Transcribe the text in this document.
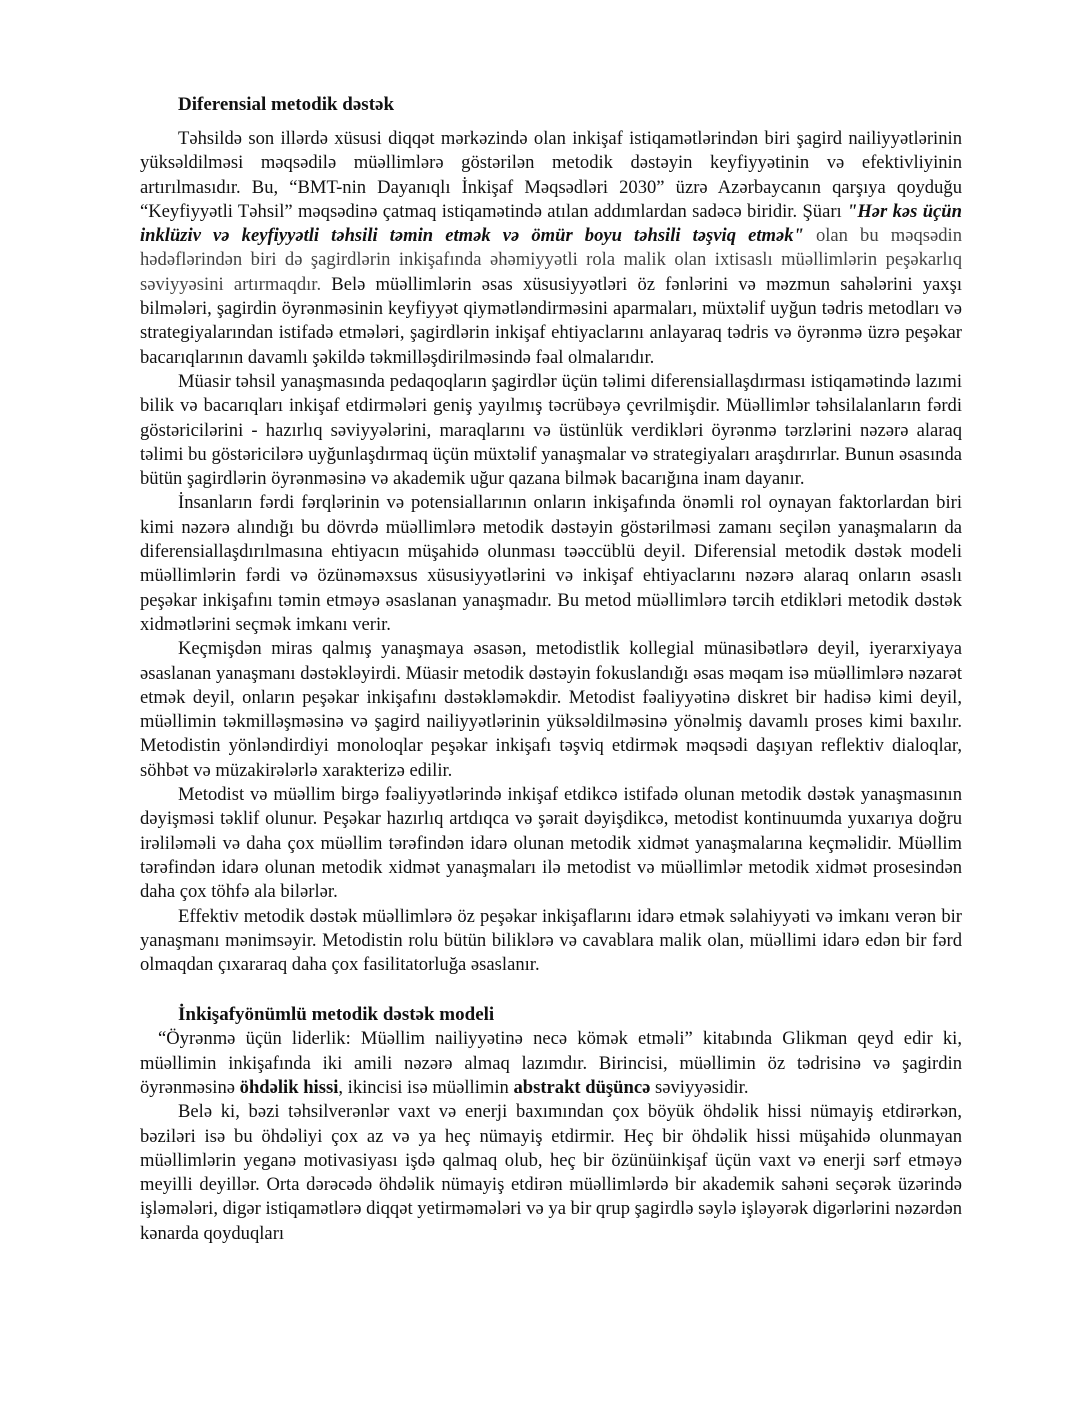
Diferensial metodik dəstək

Təhsildə son illərdə xüsusi diqqət mərkəzində olan inkişaf istiqamətlərindən biri şagird nailiyyətlərinin yüksəldilməsi məqsədilə müəllimlərə göstərilən metodik dəstəyin keyfiyyətinin və efektivliyinin artırılmasıdır. Bu, “BMT-nin Dayanıqlı İnkişaf Məqsədləri 2030” üzrə Azərbaycanın qarşıya qoyduğu “Keyfiyyətli Təhsil” məqsədinə çatmaq istiqamətində atılan addımlardan sadəcə biridir. Şüarı "Hər kəs üçün inklüziv və keyfiyyətli təhsili təmin etmək və ömür boyu təhsili təşviq etmək" olan bu məqsədin hədəflərindən biri də şagirdlərin inkişafında əhəmiyyətli rola malik olan ixtisaslı müəllimlərin peşəkarlıq səviyyəsini artırmaqdır. Belə müəllimlərin əsas xüsusiyyətləri öz fənlərini və məzmun sahələrini yaxşı bilmələri, şagirdin öyrənməsinin keyfiyyət qiymətləndirməsini aparmaları, müxtəlif uyğun tədris metodları və strategiyalarından istifadə etmələri, şagirdlərin inkişaf ehtiyaclarını anlayaraq tədris və öyrənmə üzrə peşəkar bacarıqlarının davamlı şəkildə təkmilləşdirilməsində fəal olmalarıdır.

Müasir təhsil yanaşmasında pedaqoqların şagirdlər üçün təlimi diferensiallaşdırması istiqamətində lazımi bilik və bacarıqları inkişaf etdirmələri geniş yayılmış təcrübəyə çevrilmişdir. Müəllimlər təhsilalanların fərdi göstəricilərini - hazırlıq səviyyələrini, maraqlarını və üstünlük verdikləri öyrənmə tərzlərini nəzərə alaraq təlimi bu göstəricilərə uyğunlaşdırmaq üçün müxtəlif yanaşmalar və strategiyaları araşdırırlar. Bunun əsasında bütün şagirdlərin öyrənməsinə və akademik uğur qazana bilmək bacarığına inam dayanır.

İnsanların fərdi fərqlərinin və potensiallarının onların inkişafında önəmli rol oynayan faktorlardan biri kimi nəzərə alındığı bu dövrdə müəllimlərə metodik dəstəyin göstərilməsi zamanı seçilən yanaşmaların da diferensiallaşdırılmasına ehtiyacın müşahidə olunması təəccüblü deyil. Diferensial metodik dəstək modeli müəllimlərin fərdi və özünəməxsus xüsusiyyətlərini və inkişaf ehtiyaclarını nəzərə alaraq onların əsaslı peşəkar inkişafını təmin etməyə əsaslanan yanaşmadır. Bu metod müəllimlərə tərcih etdikləri metodik dəstək xidmətlərini seçmək imkanı verir.

Keçmişdən miras qalmış yanaşmaya əsasən, metodistlik kollegial münasibətlərə deyil, iyerarxiyaya əsaslanan yanaşmanı dəstəkləyirdi. Müasir metodik dəstəyin fokuslandığı əsas məqam isə müəllimlərə nəzarət etmək deyil, onların peşəkar inkişafını dəstəkləməkdir. Metodist fəaliyyətinə diskret bir hadisə kimi deyil, müəllimin təkmilləşməsinə və şagird nailiyyətlərinin yüksəldilməsinə yönəlmiş davamlı proses kimi baxılır. Metodistin yönləndirdiyi monoloqlar peşəkar inkişafı təşviq etdirmək məqsədi daşıyan reflektiv dialoqlar, söhbət və müzakirələrlə xarakterizə edilir.

Metodist və müəllim birgə fəaliyyətlərində inkişaf etdikcə istifadə olunan metodik dəstək yanaşmasının dəyişməsi təklif olunur. Peşəkar hazırlıq artdıqca və şərait dəyişdikcə, metodist kontinuumda yuxarıya doğru irəliləməli və daha çox müəllim tərəfindən idarə olunan metodik xidmət yanaşmalarına keçməlidir. Müəllim tərəfindən idarə olunan metodik xidmət yanaşmaları ilə metodist və müəllimlər metodik xidmət prosesindən daha çox töhfə ala bilərlər.

Effektiv metodik dəstək müəllimlərə öz peşəkar inkişaflarını idarə etmək səlahiyyəti və imkanı verən bir yanaşmanı mənimsəyir. Metodistin rolu bütün biliklərə və cavablara malik olan, müəllimi idarə edən bir fərd olmaqdan çıxararaq daha çox fasilitatorluğa əsaslanır.

İnkişafyönümlü metodik dəstək modeli

“Öyrənmə üçün liderlik: Müəllim nailiyyətinə necə kömək etməli” kitabında Glikman qeyd edir ki, müəllimin inkişafında iki amili nəzərə almaq lazımdır. Birincisi, müəllimin öz tədrisinə və şagirdin öyrənməsinə öhdəlik hissi, ikincisi isə müəllimin abstrakt düşüncə səviyyəsidir.

Belə ki, bəzi təhsilverənlər vaxt və enerji baxımından çox böyük öhdəlik hissi nümayiş etdirərkən, bəziləri isə bu öhdəliyi çox az və ya heç nümayiş etdirmir. Heç bir öhdəlik hissi müşahidə olunmayan müəllimlərin yeganə motivasiyası işdə qalmaq olub, heç bir özünüinkişaf üçün vaxt və enerji sərf etməyə meyilli deyillər. Orta dərəcədə öhdəlik nümayiş etdirən müəllimlərdə bir akademik sahəni seçərək üzərində işləmələri, digər istiqamətlərə diqqət yetirməmələri və ya bir qrup şagirdlə səylə işləyərək digərlərini nəzərdən kənarda qoyduqları
